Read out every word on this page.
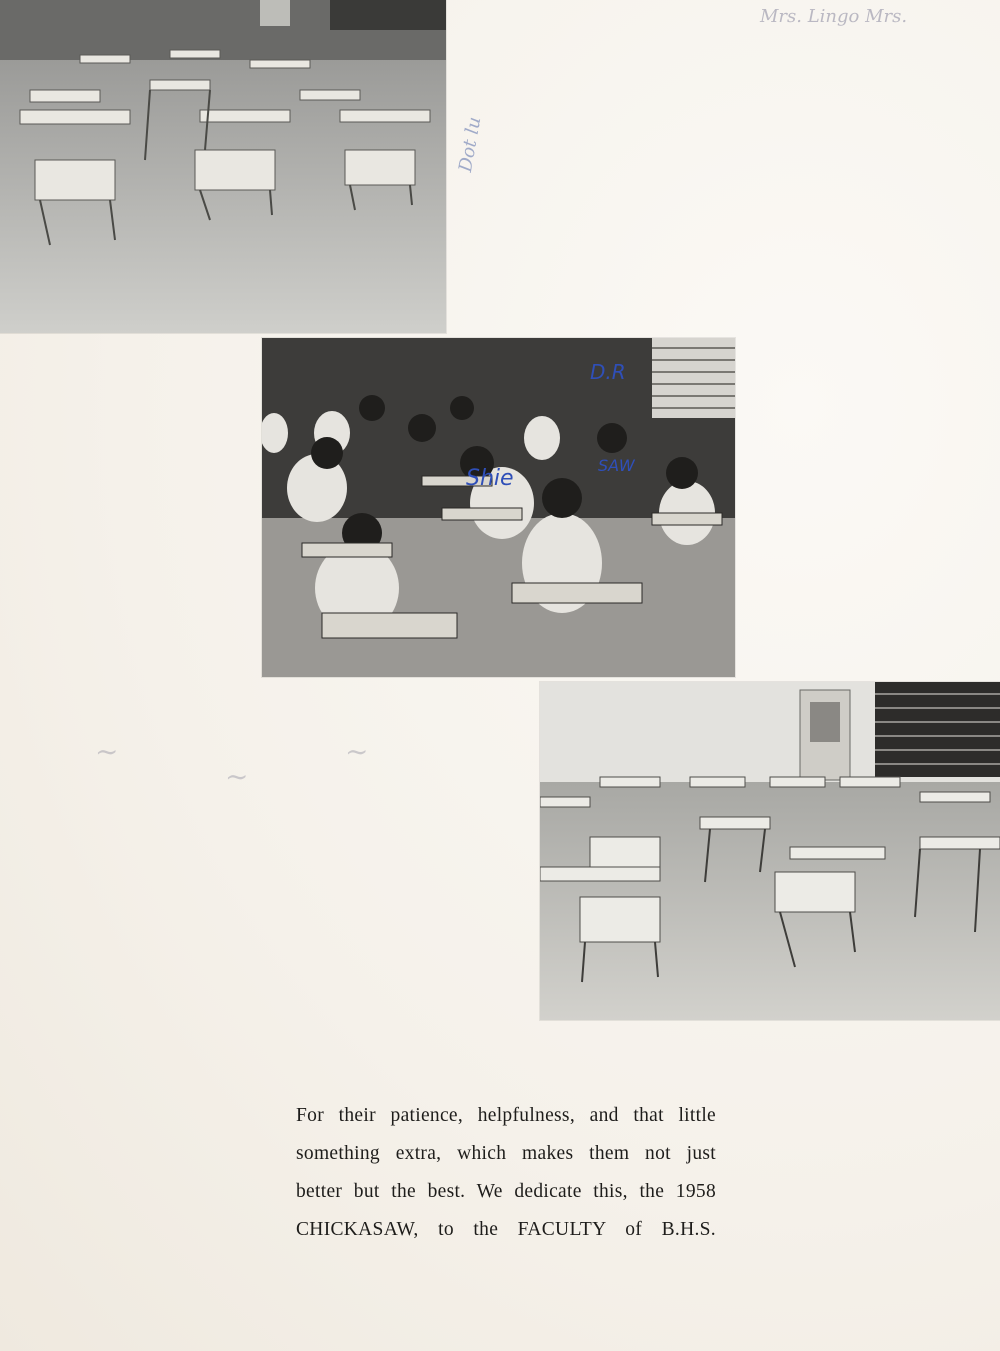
D.R
Shie
SAW
∼
∼
∼
Mrs. Lingo Mrs.
Dot lu

For their patience, helpfulness, and that little

something extra, which makes them not just

better but the best. We dedicate this, the 1958

CHICKASAW, to the FACULTY of B.H.S.
